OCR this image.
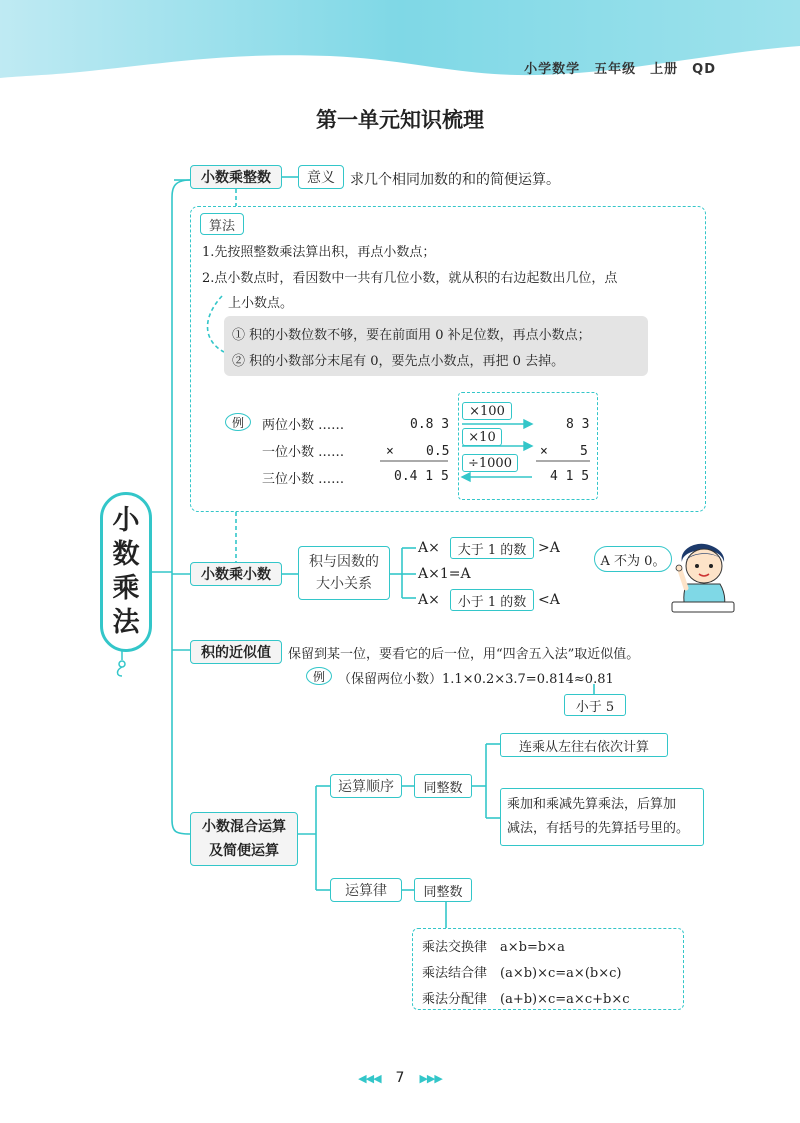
小学数学　五年级　上册　QD
第一单元知识梳理
小
数
乘
法
小数乘整数	意义	求几个相同加数的和的简便运算。
算法
1.先按照整数乘法算出积，再点小数点；
2.点小数点时，看因数中一共有几位小数，就从积的右边起数出几位，点
上小数点。
① 积的小数位数不够，要在前面用 0 补足位数，再点小数点；
② 积的小数部分末尾有 0，要先点小数点，再把 0 去掉。
例	两位小数 ……
一位小数 ……
三位小数 ……
0.8 3
× 0.5
0.4 1 5
×100
×10
÷1000
8 3
× 5
4 1 5
小数乘小数
积与因数的
大小关系
A×	大于 1 的数 >A
A×1=A
A×	小于 1 的数 <A
A 不为 0。
积的近似值	保留到某一位，要看它的后一位，用“四舍五入法”取近似值。
例	（保留两位小数）1.1×0.2×3.7=0.814≈0.81
小于 5
小数混合运算
及简便运算
运算顺序	同整数
连乘从左往右依次计算
乘加和乘减先算乘法，后算加
减法，有括号的先算括号里的。
运算律	同整数
乘法交换律　a×b=b×a
乘法结合律　(a×b)×c=a×(b×c)
乘法分配律　(a+b)×c=a×c+b×c
◀◀◀ 7 ▶▶▶
